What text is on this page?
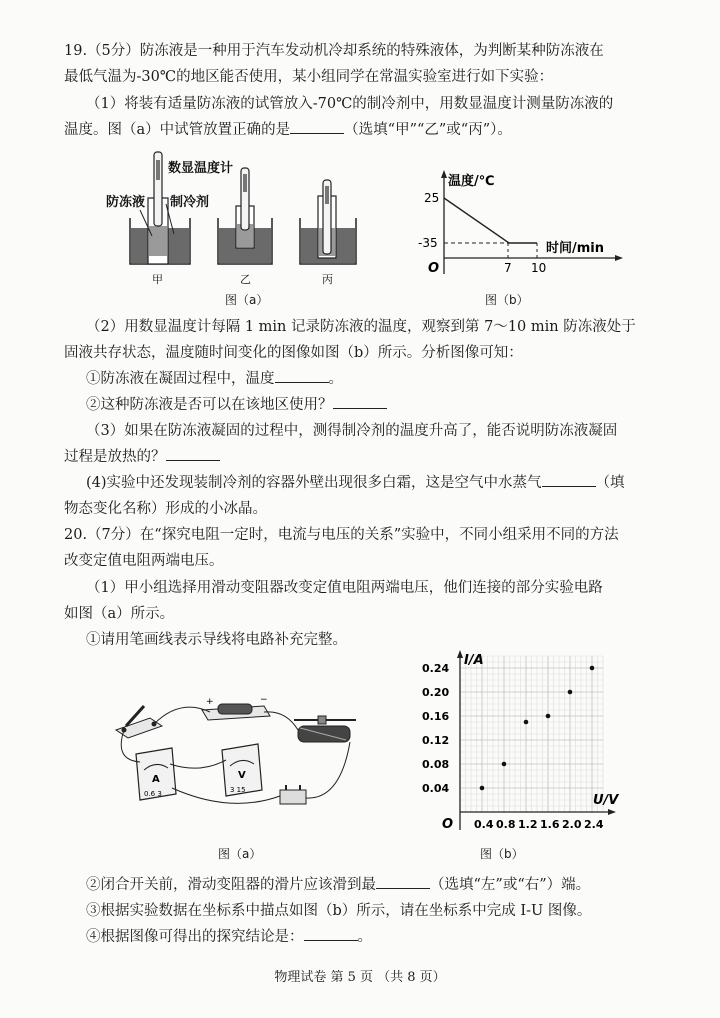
19.（5分）防冻液是一种用于汽车发动机冷却系统的特殊液体，为判断某种防冻液在
最低气温为-30℃的地区能否使用，某小组同学在常温实验室进行如下实验：
（1）将装有适量防冻液的试管放入-70℃的制冷剂中，用数显温度计测量防冻液的
温度。图（a）中试管放置正确的是	（选填“甲”“乙”或“丙”）。
数显温度计
防冻液 制冷剂
甲	乙	丙
图（a）
温度/℃
时间/min
O
25
-35
7 10
图（b）
（2）用数显温度计每隔 1 min 记录防冻液的温度，观察到第 7～10 min 防冻液处于
固液共存状态，温度随时间变化的图像如图（b）所示。分析图像可知：
①防冻液在凝固过程中，温度	。
②这种防冻液是否可以在该地区使用？
（3）如果在防冻液凝固的过程中，测得制冷剂的温度升高了，能否说明防冻液凝固
过程是放热的？
(4)实验中还发现装制冷剂的容器外壁出现很多白霜，这是空气中水蒸气	（填
物态变化名称）形成的小冰晶。
20.（7分）在“探究电阻一定时，电流与电压的关系”实验中，不同小组采用不同的方法
改变定值电阻两端电压。
（1）甲小组选择用滑动变阻器改变定值电阻两端电压，他们连接的部分实验电路
如图（a）所示。
①请用笔画线表示导线将电路补充完整。
+	−
A
0.6 3
V
3 15
图（a）
I/A
U/V
O 0.4 0.8 1.2 1.6 2.0 2.4
0.04
0.08
0.12
0.16
0.20
0.24
图（b）
②闭合开关前，滑动变阻器的滑片应该滑到最	（选填“左”或“右”）端。
③根据实验数据在坐标系中描点如图（b）所示，请在坐标系中完成 I-U 图像。
④根据图像可得出的探究结论是：	。
物理试卷 第 5 页 （共 8 页）
